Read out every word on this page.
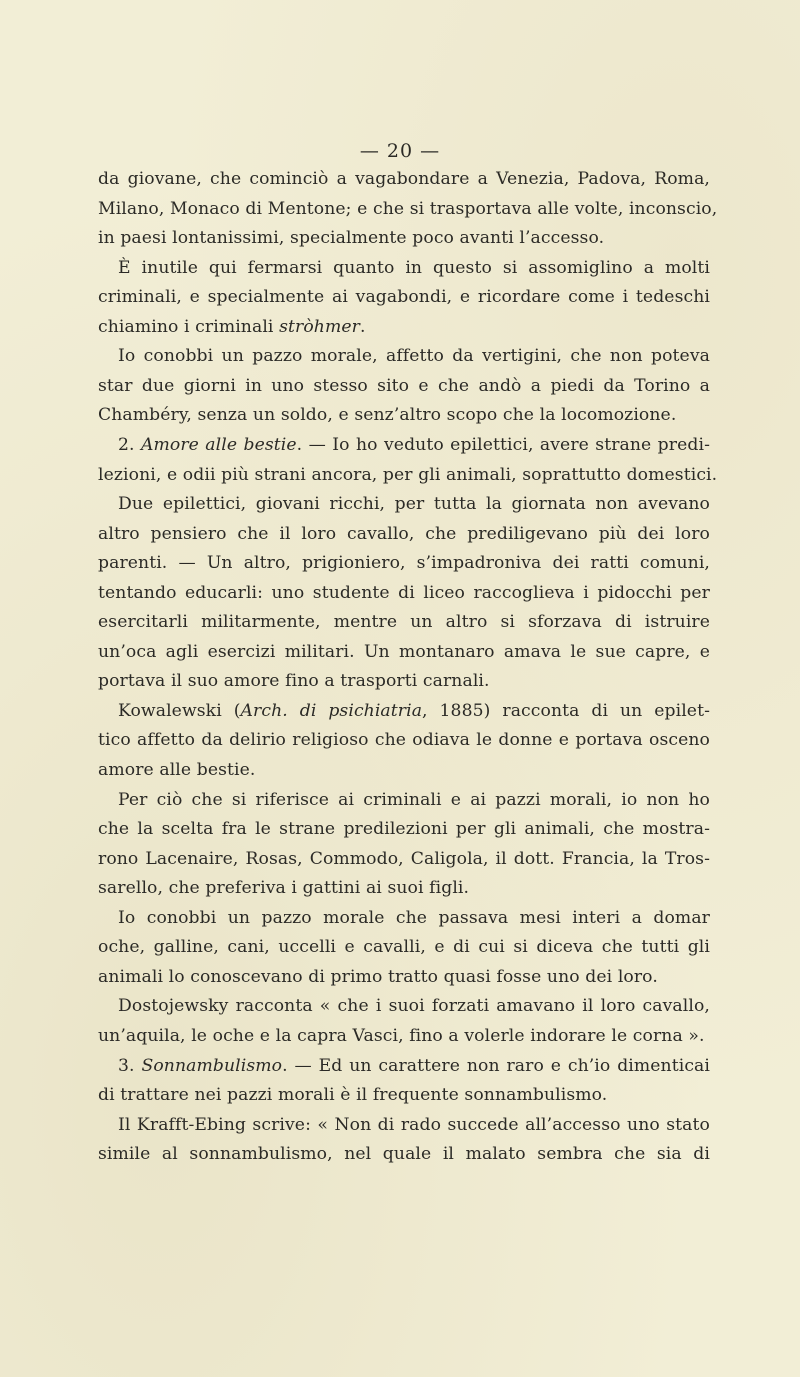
— 20 —
da giovane, che cominciò a vagabondare a Venezia, Padova, Roma,
Milano, Monaco di Mentone; e che si trasportava alle volte, inconscio,
in paesi lontanissimi, specialmente poco avanti l’accesso.
È inutile qui fermarsi quanto in questo si assomiglino a molti
criminali, e specialmente ai vagabondi, e ricordare come i tedeschi
chiamino i criminali stròhmer.
Io conobbi un pazzo morale, affetto da vertigini, che non poteva
star due giorni in uno stesso sito e che andò a piedi da Torino a
Chambéry, senza un soldo, e senz’altro scopo che la locomozione.
2. Amore alle bestie. — Io ho veduto epilettici, avere strane predi-
lezioni, e odii più strani ancora, per gli animali, soprattutto domestici.
Due epilettici, giovani ricchi, per tutta la giornata non avevano
altro pensiero che il loro cavallo, che prediligevano più dei loro
parenti. — Un altro, prigioniero, s’impadroniva dei ratti comuni,
tentando educarli: uno studente di liceo raccoglieva i pidocchi per
esercitarli militarmente, mentre un altro si sforzava di istruire
un’oca agli esercizi militari. Un montanaro amava le sue capre, e
portava il suo amore fino a trasporti carnali.
Kowalewski (Arch. di psichiatria, 1885) racconta di un epilet-
tico affetto da delirio religioso che odiava le donne e portava osceno
amore alle bestie.
Per ciò che si riferisce ai criminali e ai pazzi morali, io non ho
che la scelta fra le strane predilezioni per gli animali, che mostra-
rono Lacenaire, Rosas, Commodo, Caligola, il dott. Francia, la Tros-
sarello, che preferiva i gattini ai suoi figli.
Io conobbi un pazzo morale che passava mesi interi a domar
oche, galline, cani, uccelli e cavalli, e di cui si diceva che tutti gli
animali lo conoscevano di primo tratto quasi fosse uno dei loro.
Dostojewsky racconta « che i suoi forzati amavano il loro cavallo,
un’aquila, le oche e la capra Vasci, fino a volerle indorare le corna ».
3. Sonnambulismo. — Ed un carattere non raro e ch’io dimenticai
di trattare nei pazzi morali è il frequente sonnambulismo.
Il Krafft-Ebing scrive: « Non di rado succede all’accesso uno stato
simile al sonnambulismo, nel quale il malato sembra che sia di
